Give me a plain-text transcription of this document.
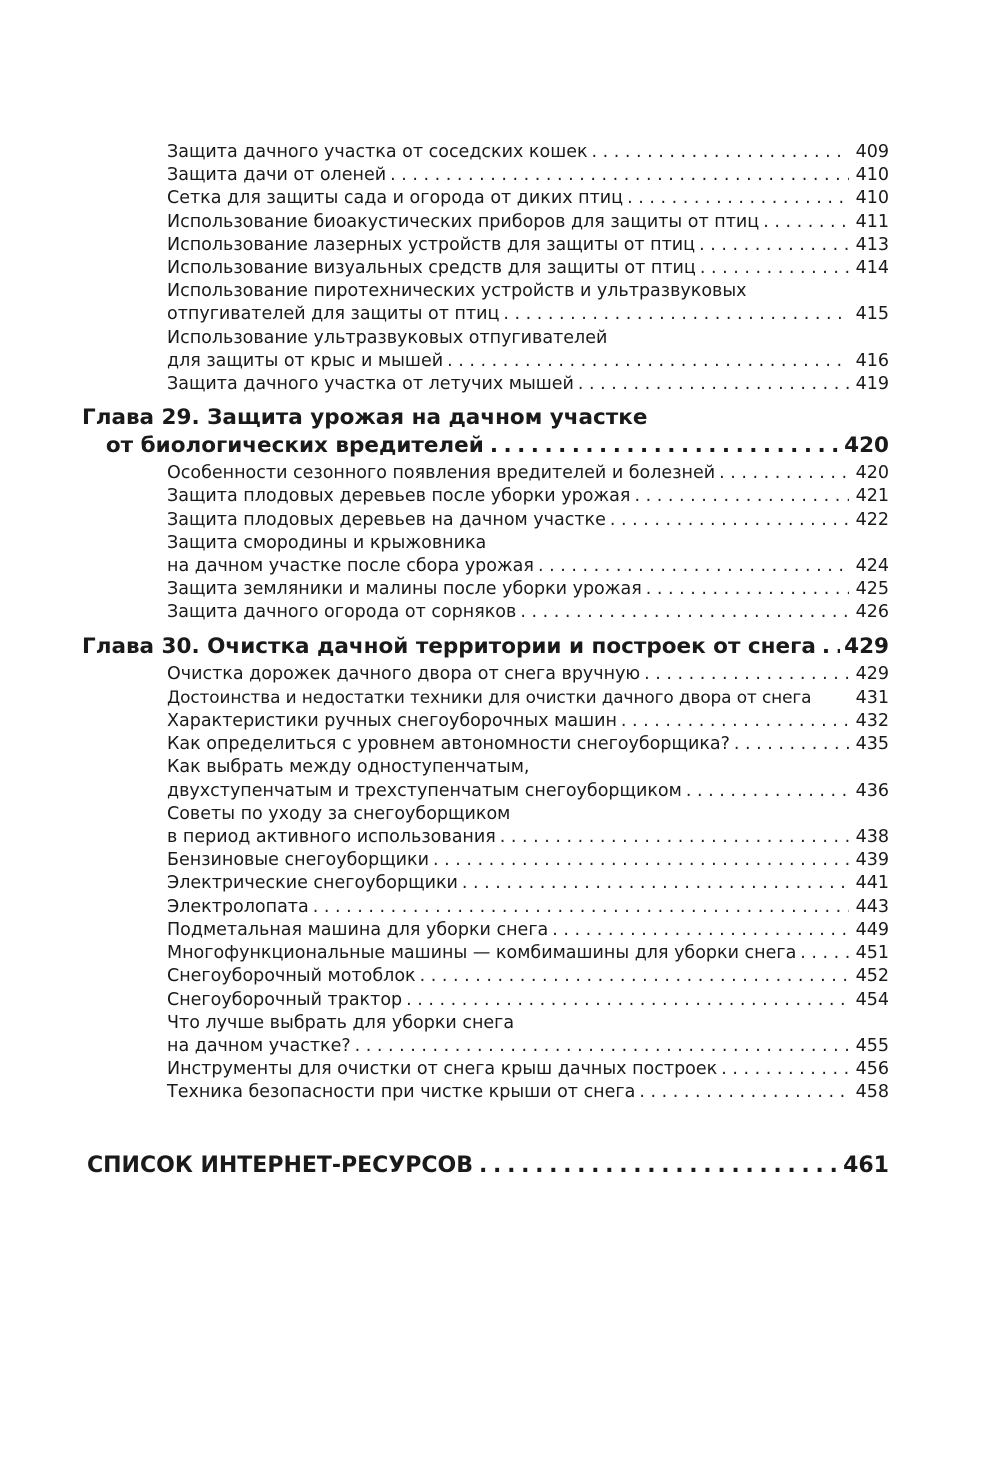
Защита дачного участка от соседских кошек . . .	409
Защита дачи от оленей . . .	410
Сетка для защиты сада и огорода от диких птиц . . .	410
Использование биоакустических приборов для защиты от птиц . . .	411
Использование лазерных устройств для защиты от птиц . . .	413
Использование визуальных средств для защиты от птиц . . .	414
Использование пиротехнических устройств и ультразвуковых
отпугивателей для защиты от птиц . . .	415
Использование ультразвуковых отпугивателей
для защиты от крыс и мышей . . .	416
Защита дачного участка от летучих мышей . . .	419
Глава 29. Защита урожая на дачном участке
от биологических вредителей . . .	420
Особенности сезонного появления вредителей и болезней . . .	420
Защита плодовых деревьев после уборки урожая . . .	421
Защита плодовых деревьев на дачном участке . . .	422
Защита смородины и крыжовника
на дачном участке после сбора урожая . . .	424
Защита земляники и малины после уборки урожая . . .	425
Защита дачного огорода от сорняков . . .	426
Глава 30. Очистка дачной территории и построек от снега . . . 429
Очистка дорожек дачного двора от снега вручную . . .	429
Достоинства и недостатки техники для очистки дачного двора от снега	431
Характеристики ручных снегоуборочных машин . . .	432
Как определиться с уровнем автономности снегоуборщика? . . .	435
Как выбрать между одноступенчатым,
двухступенчатым и трехступенчатым снегоуборщиком . . .	436
Советы по уходу за снегоуборщиком
в период активного использования . . .	438
Бензиновые снегоуборщики . . .	439
Электрические снегоуборщики . . .	441
Электролопата . . .	443
Подметальная машина для уборки снега . . .	449
Многофункциональные машины — комбимашины для уборки снега . . .	451
Снегоуборочный мотоблок . . .	452
Снегоуборочный трактор . . .	454
Что лучше выбрать для уборки снега
на дачном участке? . . .	455
Инструменты для очистки от снега крыш дачных построек . . .	456
Техника безопасности при чистке крыши от снега . . .	458
СПИСОК ИНТЕРНЕТ-РЕСУРСОВ . . .	461
